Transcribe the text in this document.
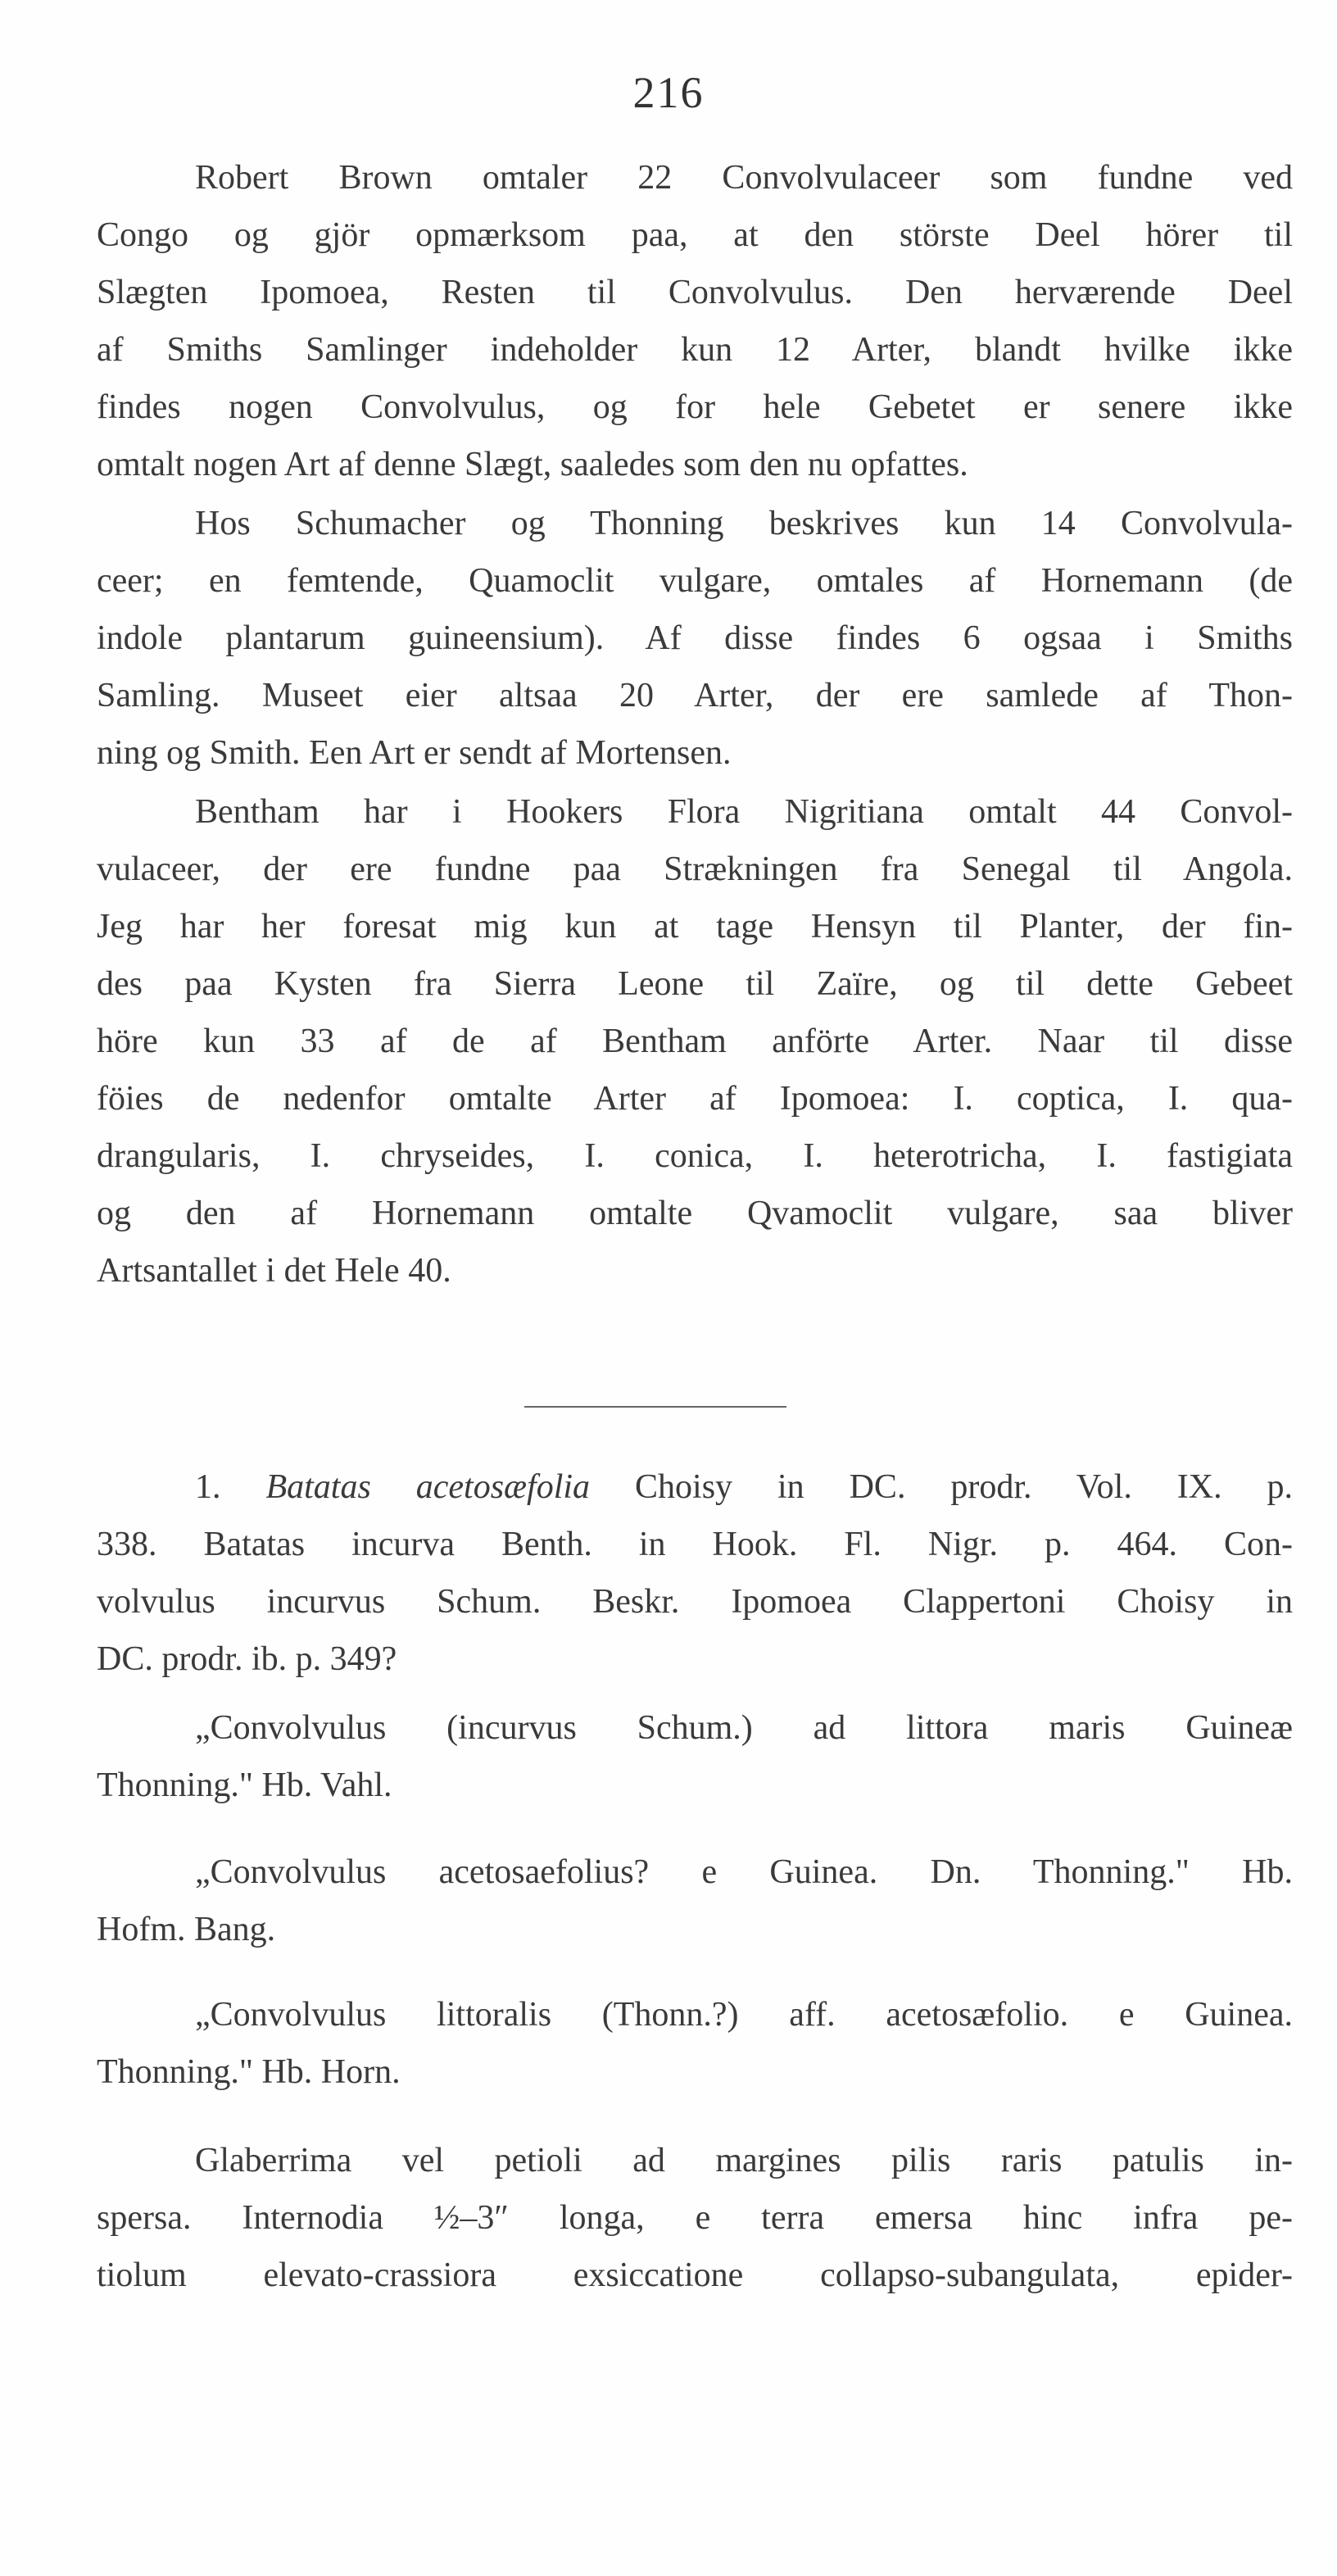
216
Robert Brown omtaler 22 Convolvulaceer som fundne ved
Congo og gjör opmærksom paa, at den störste Deel hörer til
Slægten Ipomoea, Resten til Convolvulus. Den herværende Deel
af Smiths Samlinger indeholder kun 12 Arter, blandt hvilke ikke
findes nogen Convolvulus, og for hele Gebetet er senere ikke
omtalt nogen Art af denne Slægt, saaledes som den nu opfattes.
Hos Schumacher og Thonning beskrives kun 14 Convolvula-
ceer; en femtende, Quamoclit vulgare, omtales af Hornemann (de
indole plantarum guineensium). Af disse findes 6 ogsaa i Smiths
Samling. Museet eier altsaa 20 Arter, der ere samlede af Thon-
ning og Smith. Een Art er sendt af Mortensen.
Bentham har i Hookers Flora Nigritiana omtalt 44 Convol-
vulaceer, der ere fundne paa Strækningen fra Senegal til Angola.
Jeg har her foresat mig kun at tage Hensyn til Planter, der fin-
des paa Kysten fra Sierra Leone til Zaïre, og til dette Gebeet
höre kun 33 af de af Bentham anförte Arter. Naar til disse
föies de nedenfor omtalte Arter af Ipomoea: I. coptica, I. qua-
drangularis, I. chryseides, I. conica, I. heterotricha, I. fastigiata
og den af Hornemann omtalte Qvamoclit vulgare, saa bliver
Artsantallet i det Hele 40.
1. Batatas acetosæfolia Choisy in DC. prodr. Vol. IX. p.
338. Batatas incurva Benth. in Hook. Fl. Nigr. p. 464. Con-
volvulus incurvus Schum. Beskr. Ipomoea Clappertoni Choisy in
DC. prodr. ib. p. 349?
„Convolvulus (incurvus Schum.) ad littora maris Guineæ
Thonning." Hb. Vahl.
„Convolvulus acetosaefolius? e Guinea. Dn. Thonning." Hb.
Hofm. Bang.
„Convolvulus littoralis (Thonn.?) aff. acetosæfolio. e Guinea.
Thonning." Hb. Horn.
Glaberrima vel petioli ad margines pilis raris patulis in-
spersa. Internodia ½–3″ longa, e terra emersa hinc infra pe-
tiolum elevato-crassiora exsiccatione collapso-subangulata, epider-
